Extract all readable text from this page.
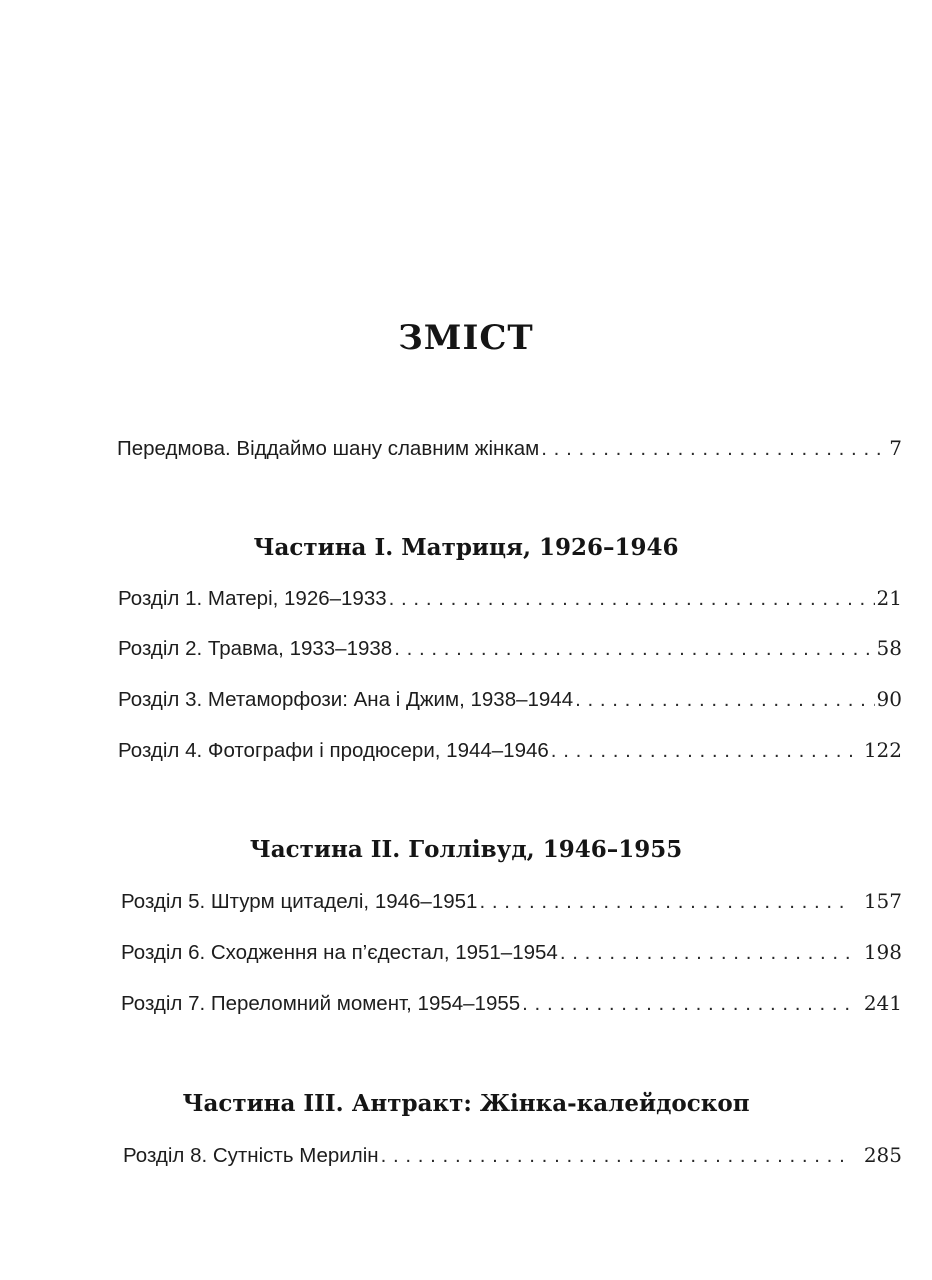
ЗМІСТ
Передмова. Віддаймо шану славним жінкам . . .	7
Частина І. Матриця, 1926–1946
Розділ 1. Матері, 1926–1933 . . .	21
Розділ 2. Травма, 1933–1938 . . .	58
Розділ 3. Метаморфози: Ана і Джим, 1938–1944 . . .	90
Розділ 4. Фотографи і продюсери, 1944–1946 . . .	122
Частина ІІ. Голлівуд, 1946–1955
Розділ 5. Штурм цитаделі, 1946–1951 . . .	157
Розділ 6. Сходження на п’єдестал, 1951–1954 . . .	198
Розділ 7. Переломний момент, 1954–1955 . . .	241
Частина ІІІ. Антракт: Жінка-калейдоскоп
Розділ 8. Сутність Мерилін . . .	285
